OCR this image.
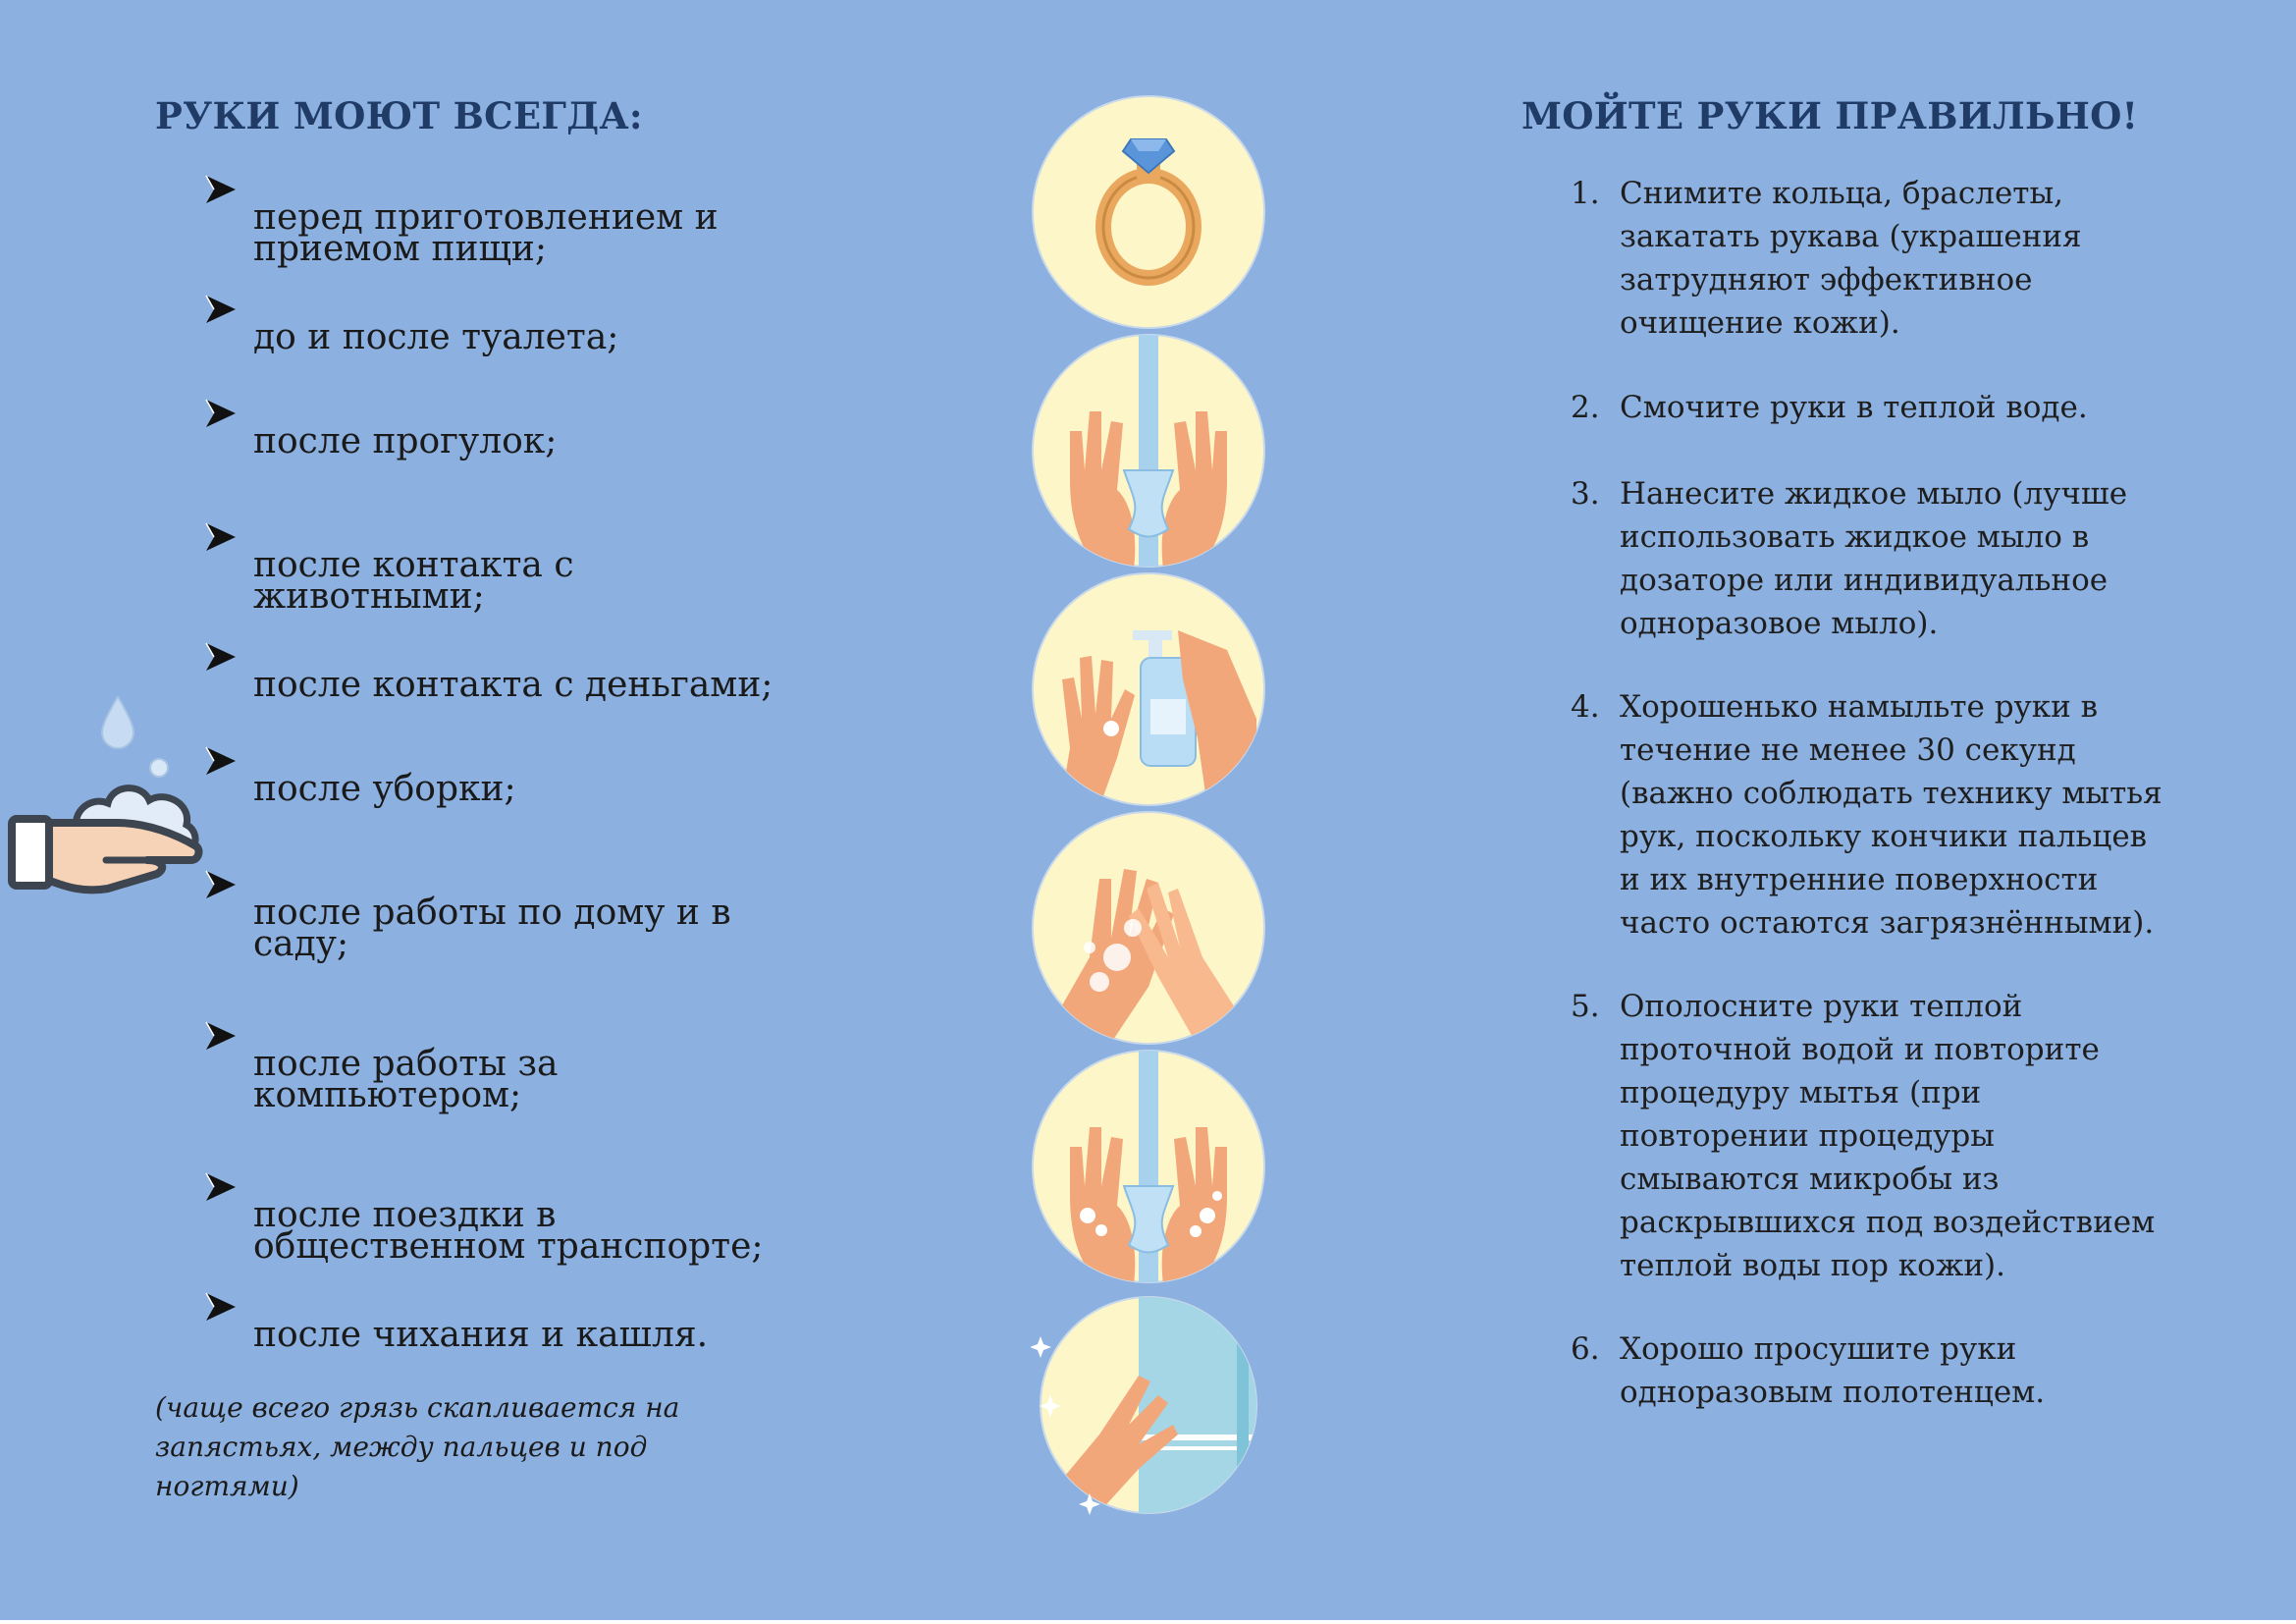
РУКИ МОЮТ ВСЕГДА:
перед приготовлением и приемом пищи;
до и после туалета;
после прогулок;
после контакта с животными;
после контакта с деньгами;
после уборки;
после работы по дому и в саду;
после работы за компьютером;
после поездки в общественном транспорте;
после чихания и кашля.
(чаще всего грязь скапливается на
запястьях, между пальцев и под ногтями)
МОЙТЕ РУКИ ПРАВИЛЬНО!
1. Снимите кольца, браслеты, закатать рукава (украшения затрудняют эффективное очищение кожи).
2. Смочите руки в теплой воде.
3. Нанесите жидкое мыло (лучше использовать жидкое мыло в дозаторе или индивидуальное одноразовое мыло).
4. Хорошенько намыльте руки в течение не менее 30 секунд (важно соблюдать технику мытья рук, поскольку кончики пальцев и их внутренние поверхности часто остаются загрязнёнными).
5. Ополосните руки теплой проточной водой и повторите процедуру мытья (при повторении процедуры смываются микробы из раскрывшихся под воздействием теплой воды пор кожи).
6. Хорошо просушите руки одноразовым полотенцем.
